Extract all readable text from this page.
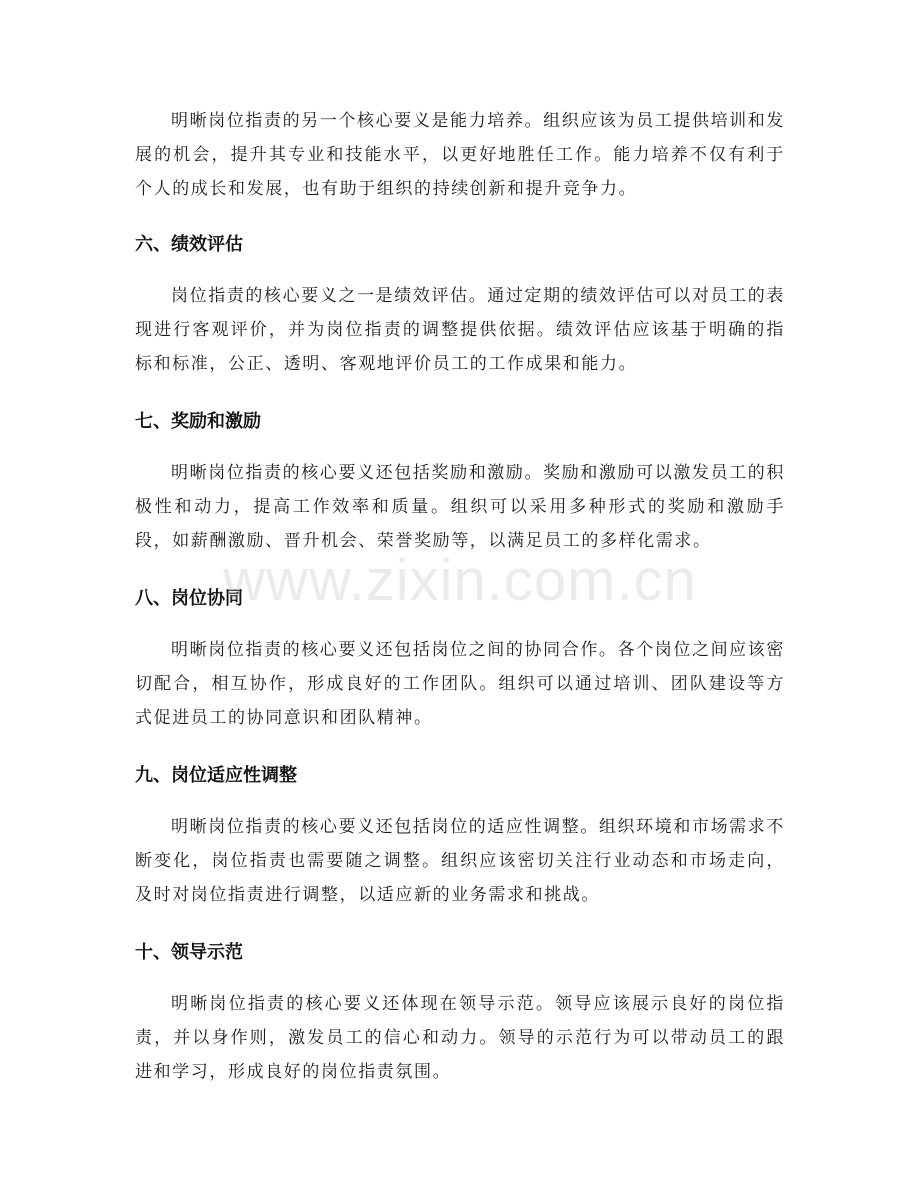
明晰岗位指责的另一个核心要义是能力培养。组织应该为员工提供培训和发展的机会，提升其专业和技能水平，以更好地胜任工作。能力培养不仅有利于个人的成长和发展，也有助于组织的持续创新和提升竞争力。

六、绩效评估

岗位指责的核心要义之一是绩效评估。通过定期的绩效评估可以对员工的表现进行客观评价，并为岗位指责的调整提供依据。绩效评估应该基于明确的指标和标准，公正、透明、客观地评价员工的工作成果和能力。

七、奖励和激励

明晰岗位指责的核心要义还包括奖励和激励。奖励和激励可以激发员工的积极性和动力，提高工作效率和质量。组织可以采用多种形式的奖励和激励手段，如薪酬激励、晋升机会、荣誉奖励等，以满足员工的多样化需求。

八、岗位协同

明晰岗位指责的核心要义还包括岗位之间的协同合作。各个岗位之间应该密切配合，相互协作，形成良好的工作团队。组织可以通过培训、团队建设等方式促进员工的协同意识和团队精神。

九、岗位适应性调整

明晰岗位指责的核心要义还包括岗位的适应性调整。组织环境和市场需求不断变化，岗位指责也需要随之调整。组织应该密切关注行业动态和市场走向，及时对岗位指责进行调整，以适应新的业务需求和挑战。

十、领导示范

明晰岗位指责的核心要义还体现在领导示范。领导应该展示良好的岗位指责，并以身作则，激发员工的信心和动力。领导的示范行为可以带动员工的跟进和学习，形成良好的岗位指责氛围。

www.zixin.com.cn
